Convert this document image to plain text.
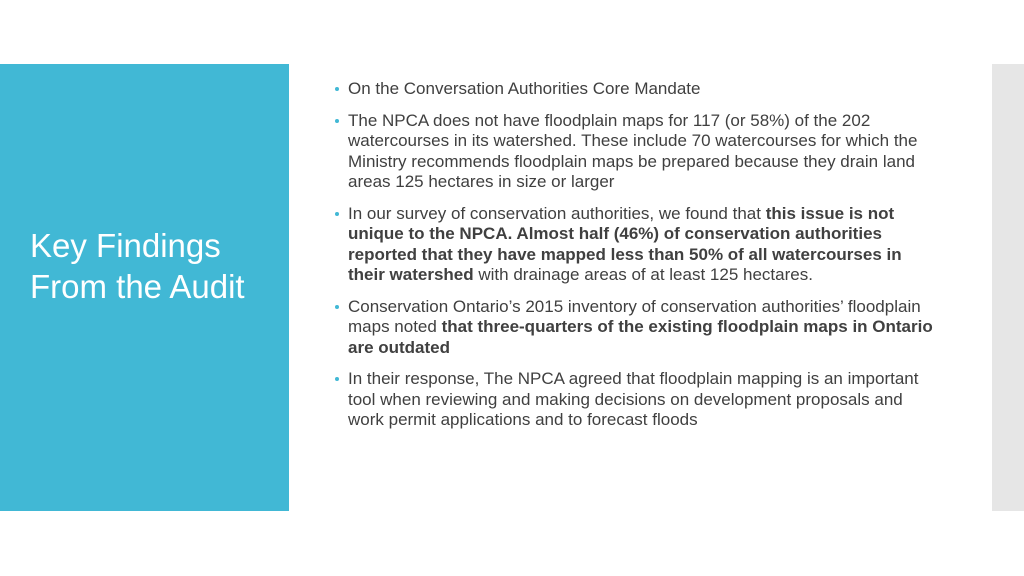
Key Findings From the Audit
On the Conversation Authorities Core Mandate
The NPCA does not have floodplain maps for 117 (or 58%) of the 202 watercourses in its watershed. These include 70 watercourses for which the Ministry recommends floodplain maps be prepared because they drain land areas 125 hectares in size or larger
In our survey of conservation authorities, we found that this issue is not unique to the NPCA. Almost half (46%) of conservation authorities reported that they have mapped less than 50% of all watercourses in their watershed with drainage areas of at least 125 hectares.
Conservation Ontario’s 2015 inventory of conservation authorities’ floodplain maps noted that three-quarters of the existing floodplain maps in Ontario are outdated
In their response, The NPCA agreed that floodplain mapping is an important tool when reviewing and making decisions on development proposals and work permit applications and to forecast floods
